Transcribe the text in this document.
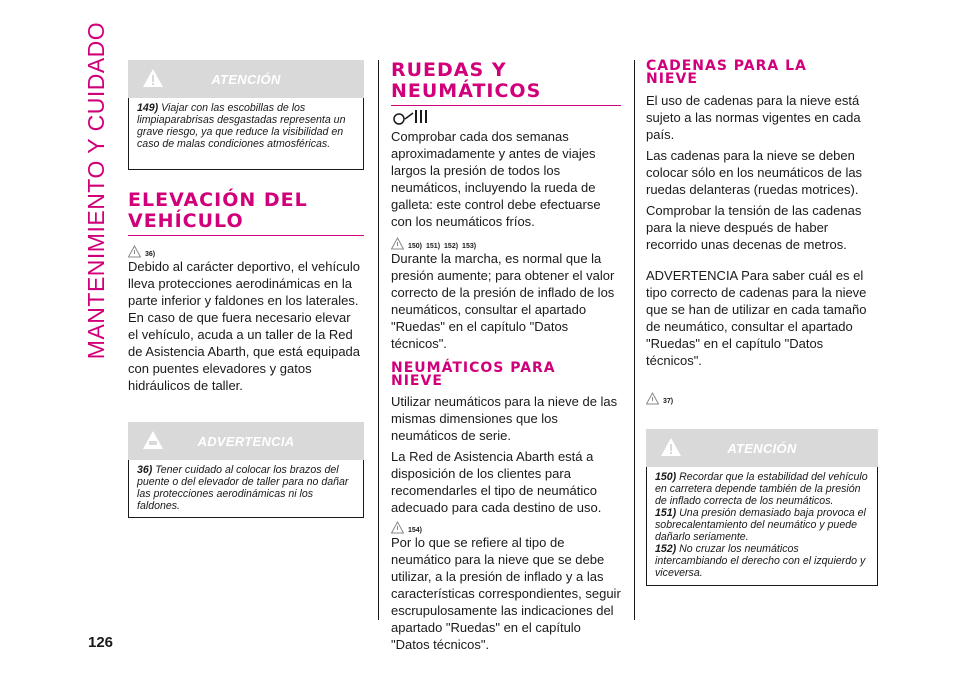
MANTENIMIENTO Y CUIDADO	ATENCIÓN

149) Viajar con las escobillas de los limpiaparabrisas desgastadas representa un grave riesgo, ya que reduce la visibilidad en caso de malas condiciones atmosféricas.

ELEVACIÓN DEL VEHÍCULO
36)
Debido al carácter deportivo, el vehículo lleva protecciones aerodinámicas en la parte inferior y faldones en los laterales. En caso de que fuera necesario elevar el vehículo, acuda a un taller de la Red de Asistencia Abarth, que está equipada con puentes elevadores y gatos hidráulicos de taller.
ADVERTENCIA

36) Tener cuidado al colocar los brazos del puente o del elevador de taller para no dañar las protecciones aerodinámicas ni los faldones.

RUEDAS Y NEUMÁTICOS
Comprobar cada dos semanas aproximadamente y antes de viajes largos la presión de todos los neumáticos, incluyendo la rueda de galleta: este control debe efectuarse con los neumáticos fríos.
150) 151) 152) 153)
Durante la marcha, es normal que la presión aumente; para obtener el valor correcto de la presión de inflado de los neumáticos, consultar el apartado "Ruedas" en el capítulo "Datos técnicos".
NEUMÁTICOS PARA NIEVE
Utilizar neumáticos para la nieve de las mismas dimensiones que los neumáticos de serie.
La Red de Asistencia Abarth está a disposición de los clientes para recomendarles el tipo de neumático adecuado para cada destino de uso.
154)
Por lo que se refiere al tipo de neumático para la nieve que se debe utilizar, a la presión de inflado y a las características correspondientes, seguir escrupulosamente las indicaciones del apartado "Ruedas" en el capítulo "Datos técnicos".
CADENAS PARA LA NIEVE
El uso de cadenas para la nieve está sujeto a las normas vigentes en cada país.
Las cadenas para la nieve se deben colocar sólo en los neumáticos de las ruedas delanteras (ruedas motrices).
Comprobar la tensión de las cadenas para la nieve después de haber recorrido unas decenas de metros.
ADVERTENCIA Para saber cuál es el tipo correcto de cadenas para la nieve que se han de utilizar en cada tamaño de neumático, consultar el apartado "Ruedas" en el capítulo "Datos técnicos".
37)
ATENCIÓN

150) Recordar que la estabilidad del vehículo en carretera depende también de la presión de inflado correcta de los neumáticos.

151) Una presión demasiado baja provoca el sobrecalentamiento del neumático y puede dañarlo seriamente.

152) No cruzar los neumáticos intercambiando el derecho con el izquierdo y viceversa.

126
